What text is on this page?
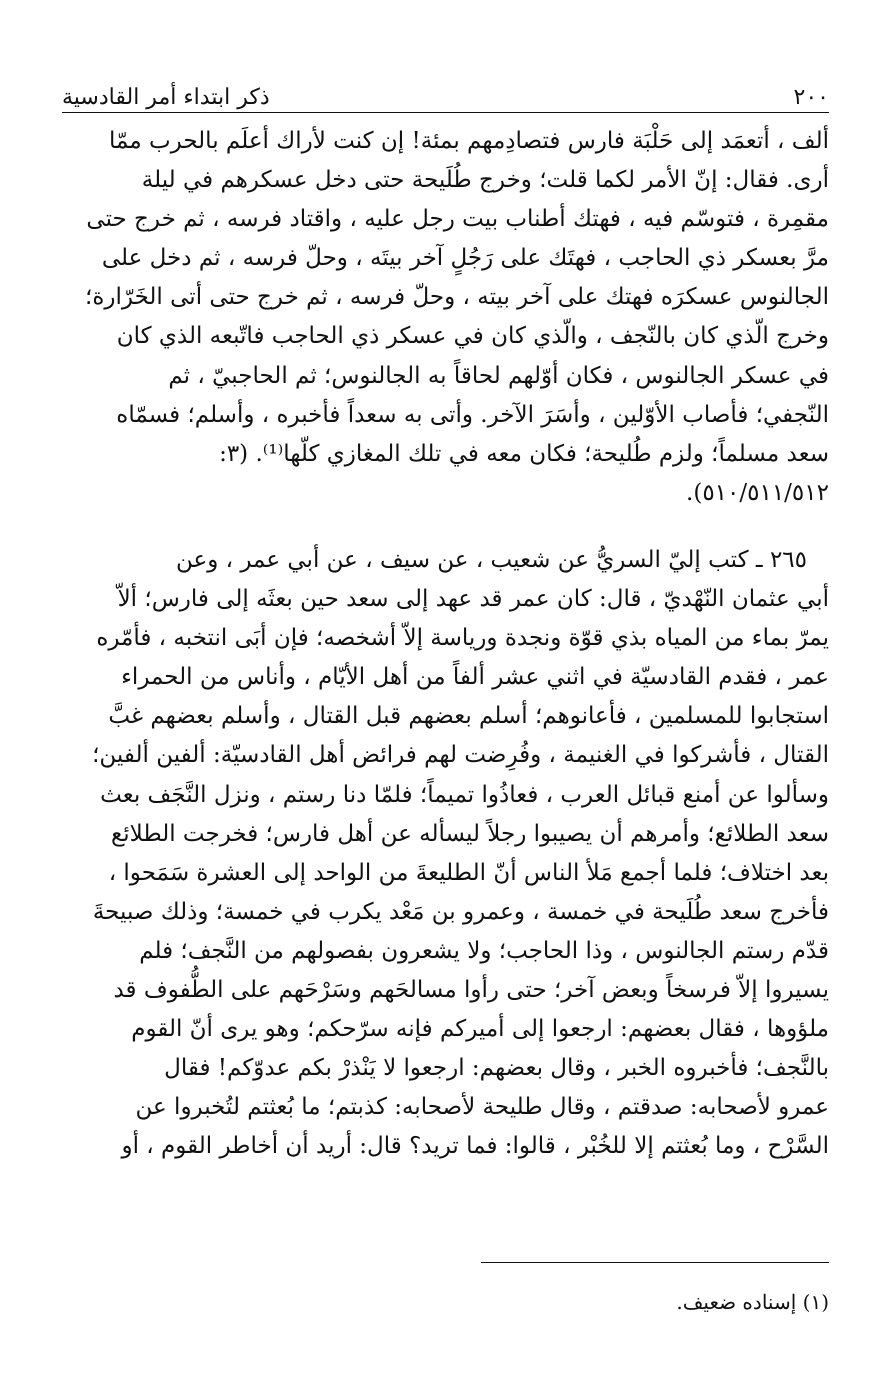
٢٠٠
ذكر ابتداء أمر القادسية

ألف ، أتعمَد إلى حَلْبَة فارس فتصادِمهم بمئة! إن كنت لأراك أعلَم بالحرب ممّا
أرى. فقال: إنّ الأمر لكما قلت؛ وخرج طُلَيحة حتى دخل عسكرهم في ليلة
مقمِرة ، فتوسّم فيه ، فهتك أطناب بيت رجل عليه ، واقتاد فرسه ، ثم خرج حتى
مرَّ بعسكر ذي الحاجب ، فهتَك على رَجُلٍ آخر بيتَه ، وحلّ فرسه ، ثم دخل على
الجالنوس عسكرَه فهتك على آخر بيته ، وحلّ فرسه ، ثم خرج حتى أتى الخَرّارة؛
وخرج الّذي كان بالنّجف ، والّذي كان في عسكر ذي الحاجب فاتّبعه الذي كان
في عسكر الجالنوس ، فكان أوّلهم لحاقاً به الجالنوس؛ ثم الحاجبيّ ، ثم
النّجفي؛ فأصاب الأوّلين ، وأسَرَ الآخر. وأتى به سعداً فأخبره ، وأسلم؛ فسمّاه
سعد مسلماً؛ ولزم طُليحة؛ فكان معه في تلك المغازي كلّها⁽¹⁾. (٣:
٥١٠/٥١١/٥١٢).

٢٦٥ ـ كتب إليّ السريُّ عن شعيب ، عن سيف ، عن أبي عمر ، وعن
أبي عثمان النّهْديّ ، قال: كان عمر قد عهد إلى سعد حين بعثَه إلى فارس؛ ألاّ
يمرّ بماء من المياه بذي قوّة ونجدة ورياسة إلاّ أشخصه؛ فإن أبَى انتخبه ، فأمّره
عمر ، فقدم القادسيّة في اثني عشر ألفاً من أهل الأيّام ، وأناس من الحمراء
استجابوا للمسلمين ، فأعانوهم؛ أسلم بعضهم قبل القتال ، وأسلم بعضهم غبَّ
القتال ، فأشركوا في الغنيمة ، وفُرِضت لهم فرائض أهل القادسيّة: ألفين ألفين؛
وسألوا عن أمنع قبائل العرب ، فعاذُوا تميماً؛ فلمّا دنا رستم ، ونزل النَّجَف بعث
سعد الطلائع؛ وأمرهم أن يصيبوا رجلاً ليسأله عن أهل فارس؛ فخرجت الطلائع
بعد اختلاف؛ فلما أجمع مَلأ الناس أنّ الطليعةَ من الواحد إلى العشرة سَمَحوا ،
فأخرج سعد طُلَيحة في خمسة ، وعمرو بن مَعْد يكرب في خمسة؛ وذلك صبيحةَ
قدّم رستم الجالنوس ، وذا الحاجب؛ ولا يشعرون بفصولهم من النَّجف؛ فلم
يسيروا إلاّ فرسخاً وبعض آخر؛ حتى رأوا مسالحَهم وسَرْحَهم على الطُّفوف قد
ملؤوها ، فقال بعضهم: ارجعوا إلى أميركم فإنه سرّحكم؛ وهو يرى أنّ القوم
بالنَّجف؛ فأخبروه الخبر ، وقال بعضهم: ارجعوا لا يَنْذرْ بكم عدوّكم! فقال
عمرو لأصحابه: صدقتم ، وقال طليحة لأصحابه: كذبتم؛ ما بُعثتم لتُخبروا عن
السَّرْح ، وما بُعثتم إلا للخُبْر ، قالوا: فما تريد؟ قال: أريد أن أخاطر القوم ، أو

(١) إسناده ضعيف.
